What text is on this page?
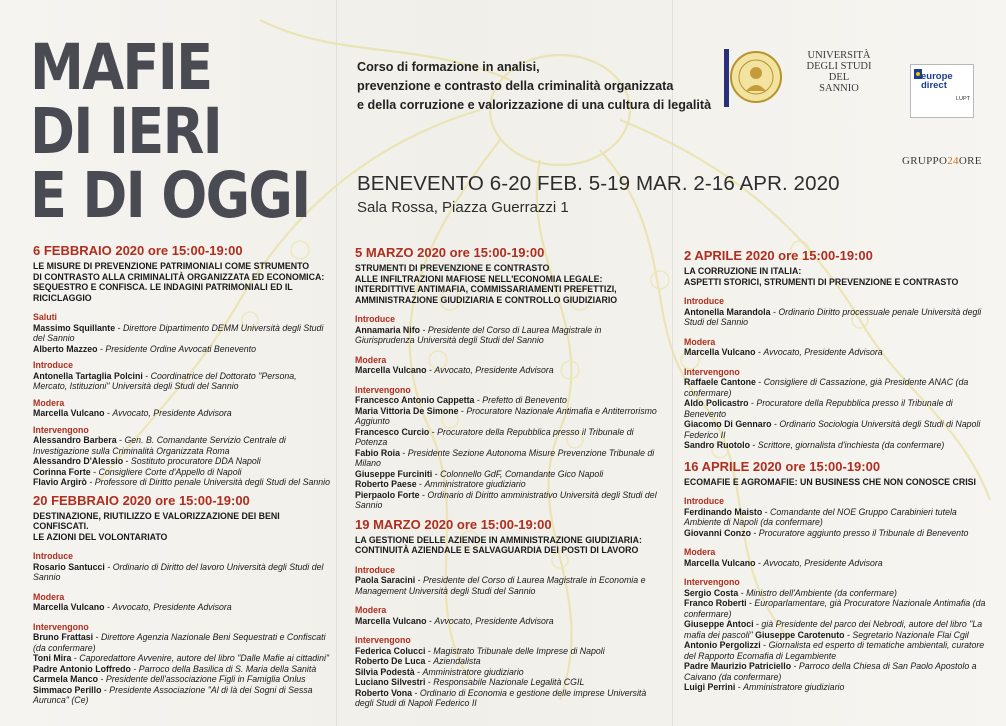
MAFIE
DI IERI
E DI OGGI
Corso di formazione in analisi,
prevenzione e contrasto della criminalità organizzata
e della corruzione e valorizzazione di una cultura di legalità
UNIVERSITÀ
DEGLI STUDI
DEL
SANNIO
europe
direct
LUPT
GRUPPO24ORE
BENEVENTO 6-20 FEB. 5-19 MAR. 2-16 APR. 2020
Sala Rossa, Piazza Guerrazzi 1
6 FEBBRAIO 2020 ore 15:00-19:00
LE MISURE DI PREVENZIONE PATRIMONIALI COME STRUMENTO
DI CONTRASTO ALLA CRIMINALITÀ ORGANIZZATA ED ECONOMICA:
SEQUESTRO E CONFISCA. LE INDAGINI PATRIMONIALI ED IL RICICLAGGIO
Saluti
Massimo Squillante - Direttore Dipartimento DEMM Università degli Studi del Sannio
Alberto Mazzeo - Presidente Ordine Avvocati Benevento
Introduce
Antonella Tartaglia Polcini - Coordinatrice del Dottorato "Persona, Mercato, Istituzioni" Università degli Studi del Sannio
Modera
Marcella Vulcano - Avvocato, Presidente Advisora
Intervengono
Alessandro Barbera - Gen. B. Comandante Servizio Centrale di Investigazione sulla Criminalità Organizzata Roma
Alessandro D'Alessio - Sostituto procuratore DDA Napoli
Corinna Forte - Consigliere Corte d'Appello di Napoli
Flavio Argirò - Professore di Diritto penale Università degli Studi del Sannio
20 FEBBRAIO 2020 ore 15:00-19:00
DESTINAZIONE, RIUTILIZZO E VALORIZZAZIONE DEI BENI CONFISCATI.
LE AZIONI DEL VOLONTARIATO
Introduce
Rosario Santucci - Ordinario di Diritto del lavoro Università degli Studi del Sannio
Modera
Marcella Vulcano - Avvocato, Presidente Advisora
Intervengono
Bruno Frattasi - Direttore Agenzia Nazionale Beni Sequestrati e Confiscati (da confermare)
Toni Mira - Caporedattore Avvenire, autore del libro "Dalle Mafie ai cittadini"
Padre Antonio Loffredo - Parroco della Basilica di S. Maria della Sanità
Carmela Manco - Presidente dell'associazione Figli in Famiglia Onlus
Simmaco Perillo - Presidente Associazione "Al di là dei Sogni di Sessa Aurunca" (Ce)
5 MARZO 2020 ore 15:00-19:00
STRUMENTI DI PREVENZIONE E CONTRASTO
ALLE INFILTRAZIONI MAFIOSE NELL'ECONOMIA LEGALE:
INTERDITTIVE ANTIMAFIA, COMMISSARIAMENTI PREFETTIZI,
AMMINISTRAZIONE GIUDIZIARIA E CONTROLLO GIUDIZIARIO
Introduce
Annamaria Nifo - Presidente del Corso di Laurea Magistrale in Giurisprudenza Università degli Studi del Sannio
Modera
Marcella Vulcano - Avvocato, Presidente Advisora
Intervengono
Francesco Antonio Cappetta - Prefetto di Benevento
Maria Vittoria De Simone - Procuratore Nazionale Antimafia e Antiterrorismo Aggiunto
Francesco Curcio - Procuratore della Repubblica presso il Tribunale di Potenza
Fabio Roia - Presidente Sezione Autonoma Misure Prevenzione Tribunale di Milano
Giuseppe Furciniti - Colonnello GdF, Comandante Gico Napoli
Roberto Paese - Amministratore giudiziario
Pierpaolo Forte - Ordinario di Diritto amministrativo Università degli Studi del Sannio
19 MARZO 2020 ore 15:00-19:00
LA GESTIONE DELLE AZIENDE IN AMMINISTRAZIONE GIUDIZIARIA:
CONTINUITÀ AZIENDALE E SALVAGUARDIA DEI POSTI DI LAVORO
Introduce
Paola Saracini - Presidente del Corso di Laurea Magistrale in Economia e Management Università degli Studi del Sannio
Modera
Marcella Vulcano - Avvocato, Presidente Advisora
Intervengono
Federica Colucci - Magistrato Tribunale delle Imprese di Napoli
Roberto De Luca - Aziendalista
Silvia Podestà - Amministratore giudiziario
Luciano Silvestri - Responsabile Nazionale Legalità CGIL
Roberto Vona - Ordinario di Economia e gestione delle imprese Università degli Studi di Napoli Federico II
2 APRILE 2020 ore 15:00-19:00
LA CORRUZIONE IN ITALIA:
ASPETTI STORICI, STRUMENTI DI PREVENZIONE E CONTRASTO
Introduce
Antonella Marandola - Ordinario Diritto processuale penale Università degli Studi del Sannio
Modera
Marcella Vulcano - Avvocato, Presidente Advisora
Intervengono
Raffaele Cantone - Consigliere di Cassazione, già Presidente ANAC (da confermare)
Aldo Policastro - Procuratore della Repubblica presso il Tribunale di Benevento
Giacomo Di Gennaro - Ordinario Sociologia Università degli Studi di Napoli Federico II
Sandro Ruotolo - Scrittore, giornalista d'inchiesta (da confermare)
16 APRILE 2020 ore 15:00-19:00
ECOMAFIE E AGROMAFIE: UN BUSINESS CHE NON CONOSCE CRISI
Introduce
Ferdinando Maisto - Comandante del NOE Gruppo Carabinieri tutela Ambiente di Napoli (da confermare)
Giovanni Conzo - Procuratore aggiunto presso il Tribunale di Benevento
Modera
Marcella Vulcano - Avvocato, Presidente Advisora
Intervengono
Sergio Costa - Ministro dell'Ambiente (da confermare)
Franco Roberti - Europarlamentare, già Procuratore Nazionale Antimafia (da confermare)
Giuseppe Antoci - già Presidente del parco dei Nebrodi, autore del libro "La mafia dei pascoli" Giuseppe Carotenuto - Segretario Nazionale Flai Cgil
Antonio Pergolizzi - Giornalista ed esperto di tematiche ambientali, curatore del Rapporto Ecomafia di Legambiente
Padre Maurizio Patriciello - Parroco della Chiesa di San Paolo Apostolo a Caivano (da confermare)
Luigi Perrini - Amministratore giudiziario
